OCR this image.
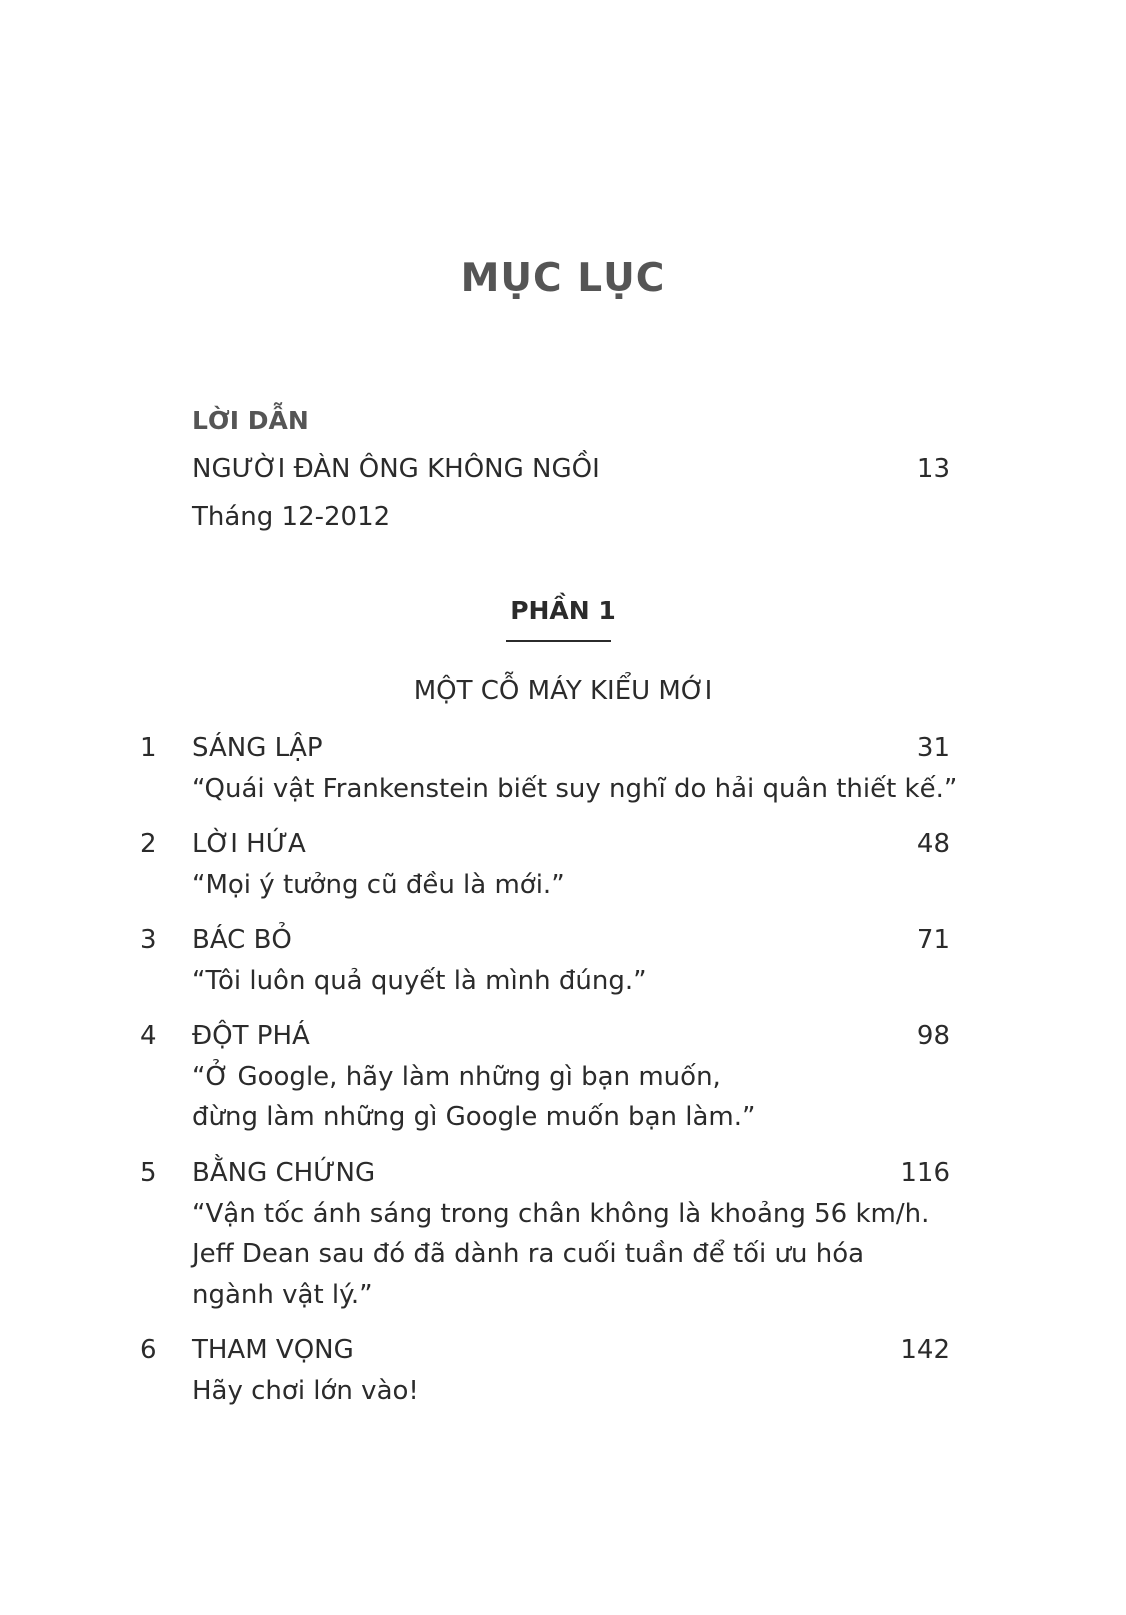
MỤC LỤC
LỜI DẪN
NGƯỜI ĐÀN ÔNG KHÔNG NGỒI	13
Tháng 12-2012
PHẦN 1
MỘT CỖ MÁY KIỂU MỚI
1 SÁNG LẬP	31
“Quái vật Frankenstein biết suy nghĩ do hải quân thiết kế.”
2 LỜI HỨA	48
“Mọi ý tưởng cũ đều là mới.”
3 BÁC BỎ	71
“Tôi luôn quả quyết là mình đúng.”
4 ĐỘT PHÁ	98
“Ở Google, hãy làm những gì bạn muốn,
đừng làm những gì Google muốn bạn làm.”
5 BẰNG CHỨNG	116
“Vận tốc ánh sáng trong chân không là khoảng 56 km/h.
Jeff Dean sau đó đã dành ra cuối tuần để tối ưu hóa
ngành vật lý.”
6 THAM VỌNG	142
Hãy chơi lớn vào!
